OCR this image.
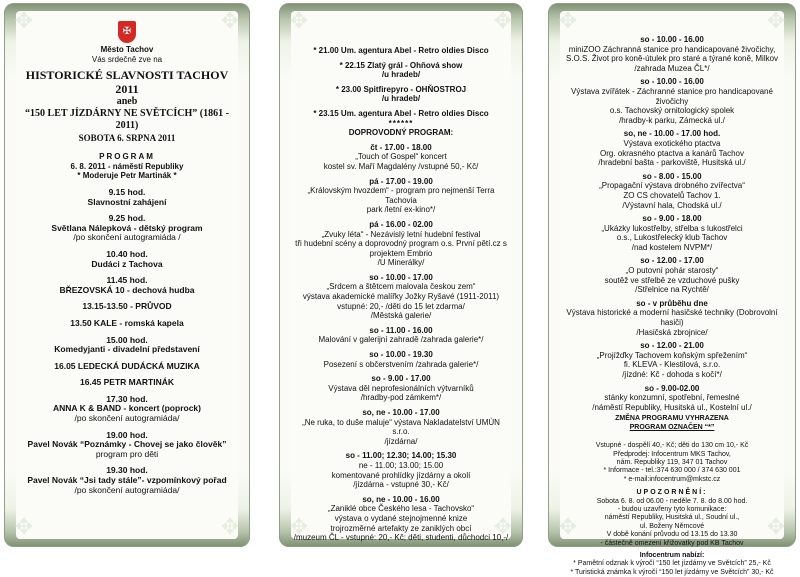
✥	✥
✥	✥
✠
Město Tachov
Vás srdečně zve na
HISTORICKÉ SLAVNOSTI TACHOV 2011
aneb
“150 LET JÍZDÁRNY NE SVĚTCÍCH” (1861 - 2011)
SOBOTA 6. SRPNA 2011
PROGRAM
6. 8. 2011 - náměstí Republiky
* Moderuje Petr Martinák *
9.15 hod.
Slavnostní zahájení
9.25 hod.
Světlana Nálepková - dětský program
/po skončení autogramiáda /
10.40 hod.
Dudáci z Tachova
11.45 hod.
BŘEZOVSKÁ 10 - dechová hudba
13.15-13.50 - PRŮVOD
13.50 KALE - romská kapela
15.00 hod.
Komedyjanti - divadelní představení
16.05 LEDECKÁ DUDÁCKÁ MUZIKA
16.45 PETR MARTINÁK
17.30 hod.
ANNA K & BAND - koncert (poprock)
/po skončení autogramiáda/
19.00 hod.
Pavel Novák “Poznámky - Chovej se jako člověk”
program pro děti
19.30 hod.
Pavel Novák “Jsi tady stále”- vzpomínkový pořad
/po skončení autogramiáda/
✥	✥
✥	✥
* 21.00 Um. agentura Abel - Retro oldies Disco
* 22.15 Zlatý grál - Ohňová show
/u hradeb/
* 23.00 Spitfirepyro - OHŇOSTROJ
/u hradeb/
* 23.15 Um. agentura Abel - Retro oldies Disco
******
DOPROVODNÝ PROGRAM:
čt - 17.00 - 18.00
„Touch of Gospel“ koncert
kostel sv. Maří Magdalény /vstupné 50,- Kč/
pá - 17.00 - 19.00
„Královským hvozdem“ - program pro nejmenší Terra Tachovia
park /letní ex-kino*/
pá - 16.00 - 02.00
„Zvuky léta“ - Nezávislý letní hudební festival
tři hudební scény a doprovodný program o.s. První pětí.cz s projektem Embrio
/U Minerálky/
so - 10.00 - 17.00
„Srdcem a štětcem malovala českou zem“
výstava akademické malířky Jožky Ryšavé (1911-2011)
vstupné: 20,- /děti do 15 let zdarma/
/Městská galerie/
so - 11.00 - 16.00
Malování v galerijní zahradě /zahrada galerie*/
so - 10.00 - 19.30
Posezení s občerstvením /zahrada galerie*/
so - 9.00 - 17.00
Výstava děl neprofesionálních výtvarníků
/hradby-pod zámkem*/
so, ne - 10.00 - 17.00
„Ne ruka, to duše maluje“ výstava Nakladatelství UMÚN s.r.o.
/jízdárna/
so - 11.00; 12.30; 14.00; 15.30
ne - 11.00; 13.00; 15.00
komentované prohlídky jízdárny a okolí
/jízdárna - vstupné 30,- Kč/
so, ne - 10.00 - 16.00
„Zaniklé obce Českého lesa - Tachovsko“
výstava o vydané stejnojmenné knize
trojrozměrné artefakty ze zaniklých obcí
/muzeum ČL - vstupné: 20,- Kč; děti, studenti, důchodci 10,-/
✥	✥
✥	✥
so - 10.00 - 16.00
miniZOO Záchranná stanice pro handicapované živočichy,
S.O.S. Život pro koně-útulek pro staré a týrané koně, Milkov
/zahrada Muzea ČL*/
so - 10.00 - 16.00
Výstava zvířátek - Záchranné stanice pro handicapované živočichy
o.s. Tachovský ornitologický spolek
/hradby-k parku, Zámecká ul./
so, ne - 10.00 - 17.00 hod.
Výstava exotického ptactva
Org. okrasného ptactva a kanárů Tachov
/hradební bašta - parkoviště, Husitská ul./
so - 8.00 - 15.00
„Propagační výstava drobného zvířectva“
ZO CS chovatelů Tachov 1.
/Výstavní hala, Chodská ul./
so - 9.00 - 18.00
„Ukázky lukostřelby, střelba s lukostřelci
o.s., Lukostřelecký klub Tachov
/nad kostelem NVPM*/
so - 12.00 - 17.00
„O putovní pohár starosty“
soutěž ve střelbě ze vzduchové pušky
/Střelnice na Rychtě/
so - v průběhu dne
Výstava historické a moderní hasičské techniky (Dobrovolní hasiči)
/Hasičská zbrojnice/
so - 12.00 - 21.00
„Projížďky Tachovem koňským spřežením“
fi. KLEVA - Klestilová, s.r.o.
/jízdné: Kč - dohoda s kočí*/
so - 9.00-02.00
stánky konzumní, spotřební, řemeslné
/náměstí Republiky, Husitská ul., Kostelní ul./
ZMĚNA PROGRAMU VYHRAZENA
PROGRAM OZNAČEN “*”
Vstupné - dospělí 40,- Kč; děti do 130 cm 10,- Kč
Předprodej: Infocentrum MKS Tachov,
nám. Republiky 119, 347 01 Tachov
* Informace - tel.:374 630 000 / 374 630 001
* e-mail:infocentrum@mkstc.cz
UPOZORNĚNÍ:
Sobota 6. 8. od 06.00 - neděle 7. 8. do 8.00 hod.
- budou uzavřeny tyto komunikace:
náměstí Republiky, Husitská ul., Soudní ul.,
ul. Boženy Němcové
V době konání průvodu od 13.15 do 13.30
- částečně omezení křižovatky pod KB Tachov
Infocentrum nabízí:
* Pamětní odznak k výročí “150 let jízdárny ve Světcích” 25,- Kč
* Turistická známka k výročí “150 let jízdárny ve Světcích” 30,- Kč
